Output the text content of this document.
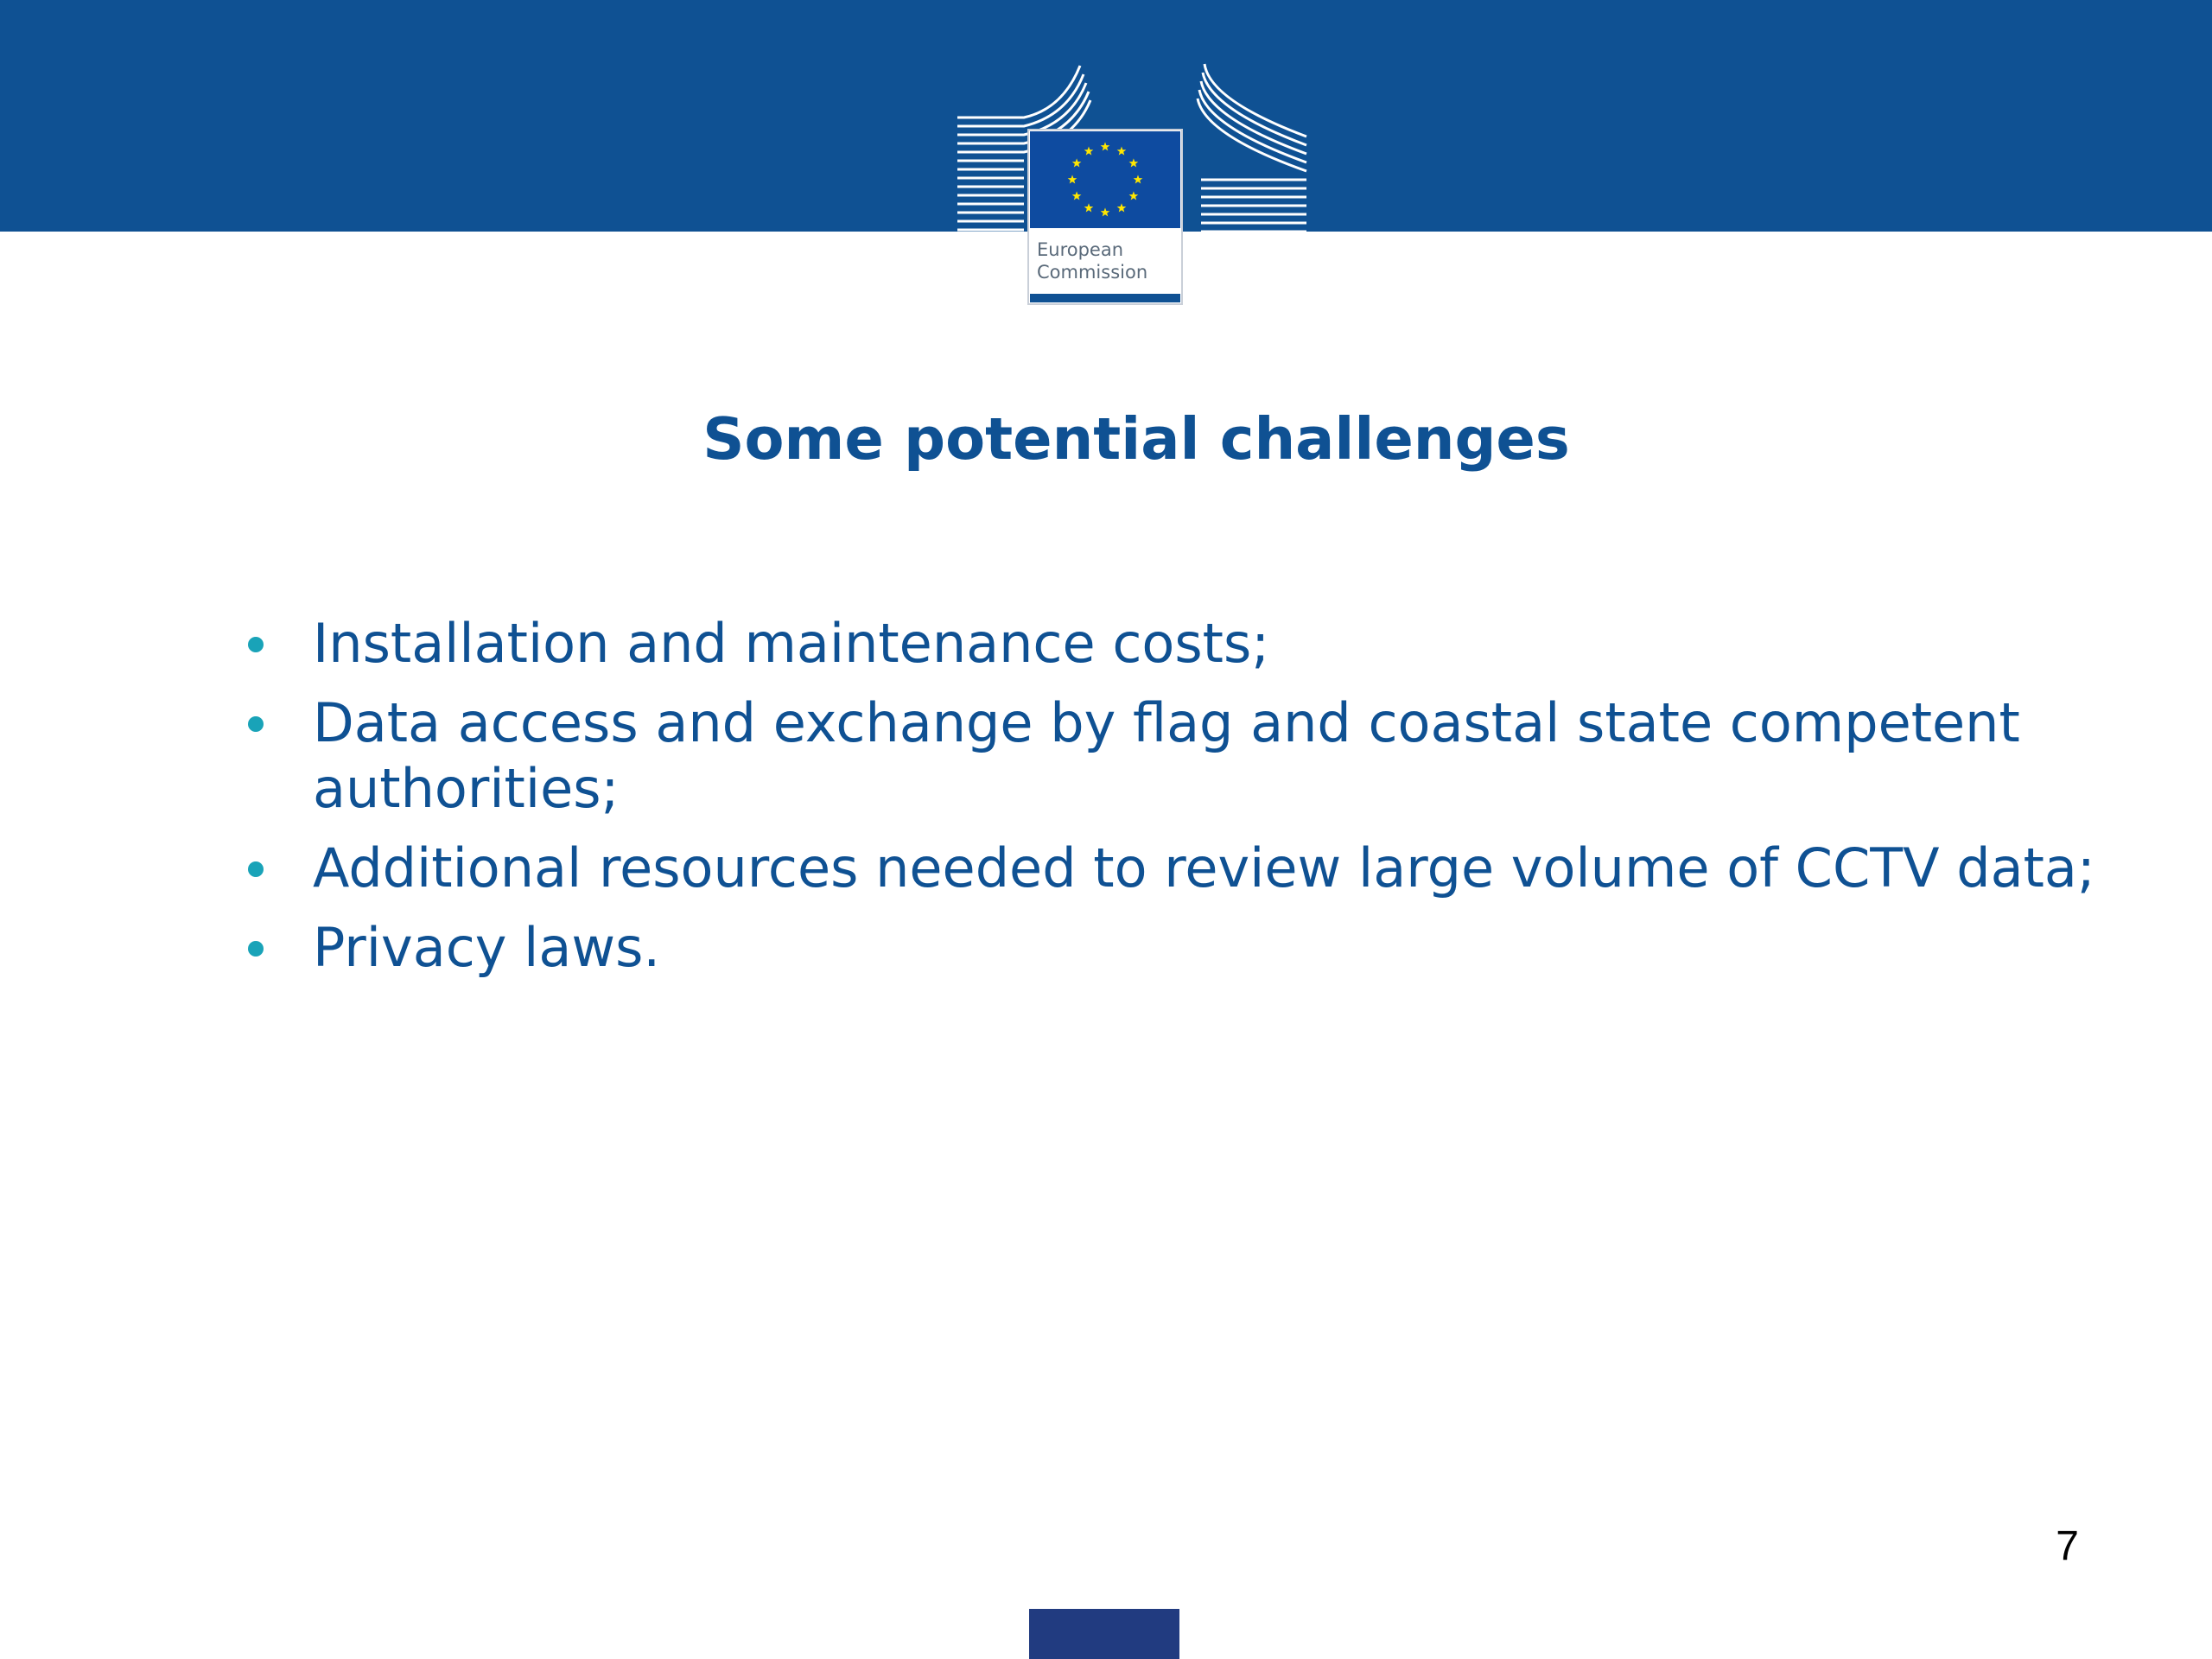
European
Commission
Some potential challenges
Installation and maintenance costs;
Data access and exchange by flag and coastal state competent authorities;
Additional resources needed to review large volume of CCTV data;
Privacy laws.
7
